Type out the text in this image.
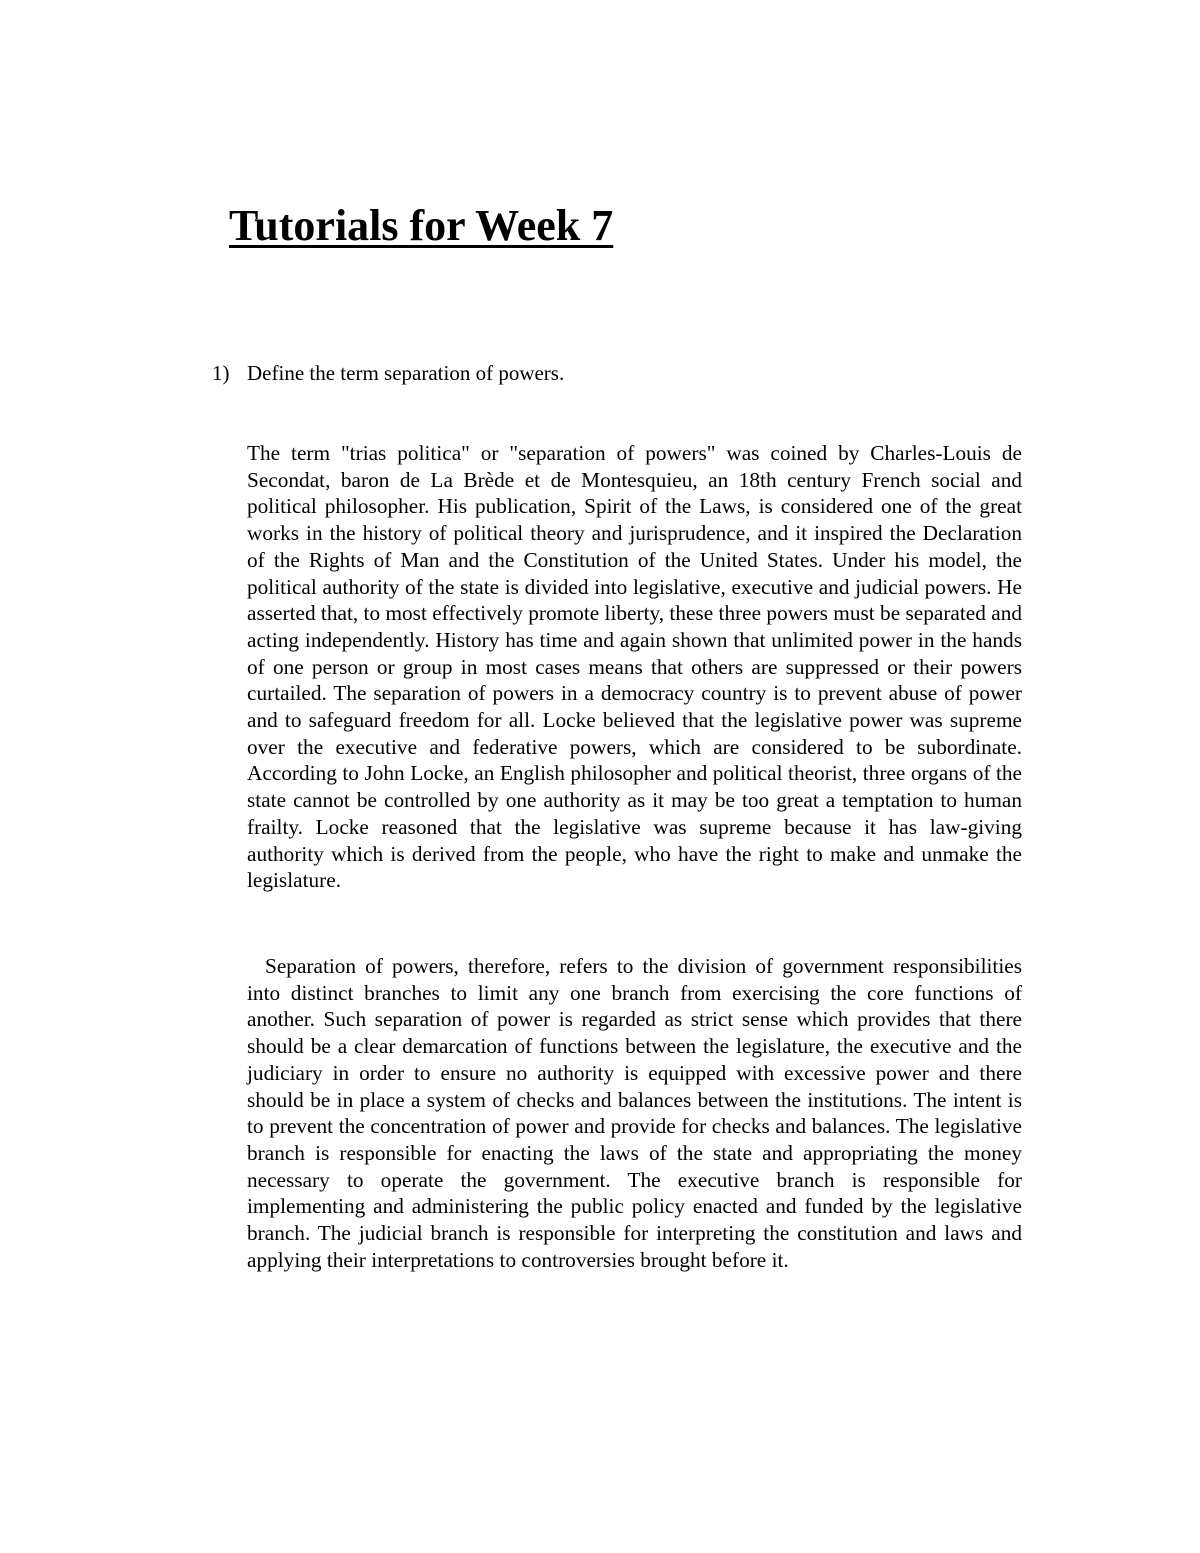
Tutorials for Week 7
1) Define the term separation of powers.

The term "trias politica" or "separation of powers" was coined by Charles-Louis de Secondat, baron de La Brède et de Montesquieu, an 18th century French social and political philosopher. His publication, Spirit of the Laws, is considered one of the great works in the history of political theory and jurisprudence, and it inspired the Declaration of the Rights of Man and the Constitution of the United States. Under his model, the political authority of the state is divided into legislative, executive and judicial powers. He asserted that, to most effectively promote liberty, these three powers must be separated and acting independently. History has time and again shown that unlimited power in the hands of one person or group in most cases means that others are suppressed or their powers curtailed. The separation of powers in a democracy country is to prevent abuse of power and to safeguard freedom for all. Locke believed that the legislative power was supreme over the executive and federative powers, which are considered to be subordinate. According to John Locke, an English philosopher and political theorist, three organs of the state cannot be controlled by one authority as it may be too great a temptation to human frailty. Locke reasoned that the legislative was supreme because it has law-giving authority which is derived from the people, who have the right to make and unmake the legislature.

Separation of powers, therefore, refers to the division of government responsibilities into distinct branches to limit any one branch from exercising the core functions of another. Such separation of power is regarded as strict sense which provides that there should be a clear demarcation of functions between the legislature, the executive and the judiciary in order to ensure no authority is equipped with excessive power and there should be in place a system of checks and balances between the institutions. The intent is to prevent the concentration of power and provide for checks and balances. The legislative branch is responsible for enacting the laws of the state and appropriating the money necessary to operate the government. The executive branch is responsible for implementing and administering the public policy enacted and funded by the legislative branch. The judicial branch is responsible for interpreting the constitution and laws and applying their interpretations to controversies brought before it.
